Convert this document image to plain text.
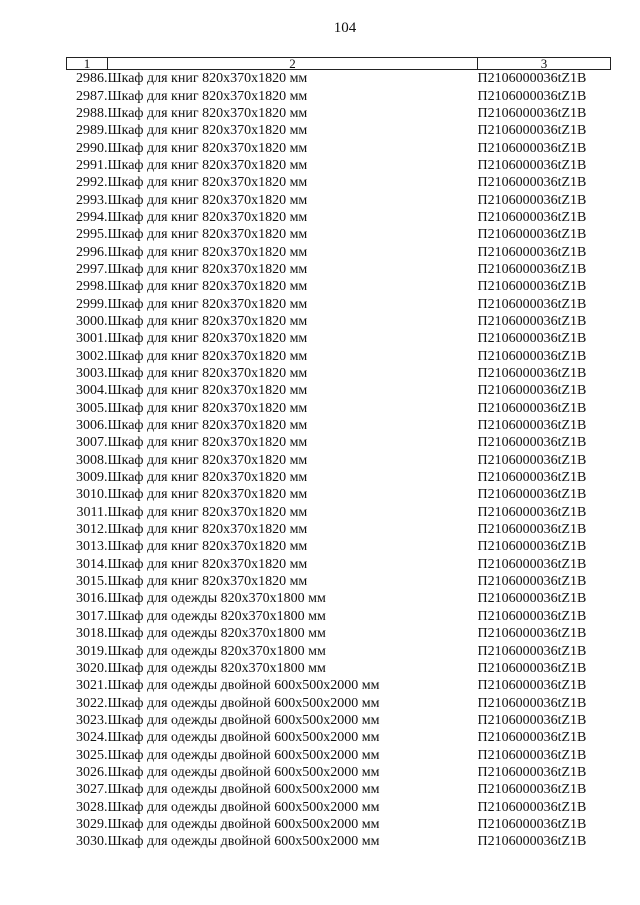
104
1	2	3
2986.	Шкаф для книг 820x370x1820 мм	П2106000036tZ1B
2987.	Шкаф для книг 820x370x1820 мм	П2106000036tZ1B
2988.	Шкаф для книг 820x370x1820 мм	П2106000036tZ1B
2989.	Шкаф для книг 820x370x1820 мм	П2106000036tZ1B
2990.	Шкаф для книг 820x370x1820 мм	П2106000036tZ1B
2991.	Шкаф для книг 820x370x1820 мм	П2106000036tZ1B
2992.	Шкаф для книг 820x370x1820 мм	П2106000036tZ1B
2993.	Шкаф для книг 820x370x1820 мм	П2106000036tZ1B
2994.	Шкаф для книг 820x370x1820 мм	П2106000036tZ1B
2995.	Шкаф для книг 820x370x1820 мм	П2106000036tZ1B
2996.	Шкаф для книг 820x370x1820 мм	П2106000036tZ1B
2997.	Шкаф для книг 820x370x1820 мм	П2106000036tZ1B
2998.	Шкаф для книг 820x370x1820 мм	П2106000036tZ1B
2999.	Шкаф для книг 820x370x1820 мм	П2106000036tZ1B
3000.	Шкаф для книг 820x370x1820 мм	П2106000036tZ1B
3001.	Шкаф для книг 820x370x1820 мм	П2106000036tZ1B
3002.	Шкаф для книг 820x370x1820 мм	П2106000036tZ1B
3003.	Шкаф для книг 820x370x1820 мм	П2106000036tZ1B
3004.	Шкаф для книг 820x370x1820 мм	П2106000036tZ1B
3005.	Шкаф для книг 820x370x1820 мм	П2106000036tZ1B
3006.	Шкаф для книг 820x370x1820 мм	П2106000036tZ1B
3007.	Шкаф для книг 820x370x1820 мм	П2106000036tZ1B
3008.	Шкаф для книг 820x370x1820 мм	П2106000036tZ1B
3009.	Шкаф для книг 820x370x1820 мм	П2106000036tZ1B
3010.	Шкаф для книг 820x370x1820 мм	П2106000036tZ1B
3011.	Шкаф для книг 820x370x1820 мм	П2106000036tZ1B
3012.	Шкаф для книг 820x370x1820 мм	П2106000036tZ1B
3013.	Шкаф для книг 820x370x1820 мм	П2106000036tZ1B
3014.	Шкаф для книг 820x370x1820 мм	П2106000036tZ1B
3015.	Шкаф для книг 820x370x1820 мм	П2106000036tZ1B
3016.	Шкаф для одежды 820x370x1800 мм	П2106000036tZ1B
3017.	Шкаф для одежды 820x370x1800 мм	П2106000036tZ1B
3018.	Шкаф для одежды 820x370x1800 мм	П2106000036tZ1B
3019.	Шкаф для одежды 820x370x1800 мм	П2106000036tZ1B
3020.	Шкаф для одежды 820x370x1800 мм	П2106000036tZ1B
3021.	Шкаф для одежды двойной 600x500x2000 мм	П2106000036tZ1B
3022.	Шкаф для одежды двойной 600x500x2000 мм	П2106000036tZ1B
3023.	Шкаф для одежды двойной 600x500x2000 мм	П2106000036tZ1B
3024.	Шкаф для одежды двойной 600x500x2000 мм	П2106000036tZ1B
3025.	Шкаф для одежды двойной 600x500x2000 мм	П2106000036tZ1B
3026.	Шкаф для одежды двойной 600x500x2000 мм	П2106000036tZ1B
3027.	Шкаф для одежды двойной 600x500x2000 мм	П2106000036tZ1B
3028.	Шкаф для одежды двойной 600x500x2000 мм	П2106000036tZ1B
3029.	Шкаф для одежды двойной 600x500x2000 мм	П2106000036tZ1B
3030.	Шкаф для одежды двойной 600x500x2000 мм	П2106000036tZ1B
